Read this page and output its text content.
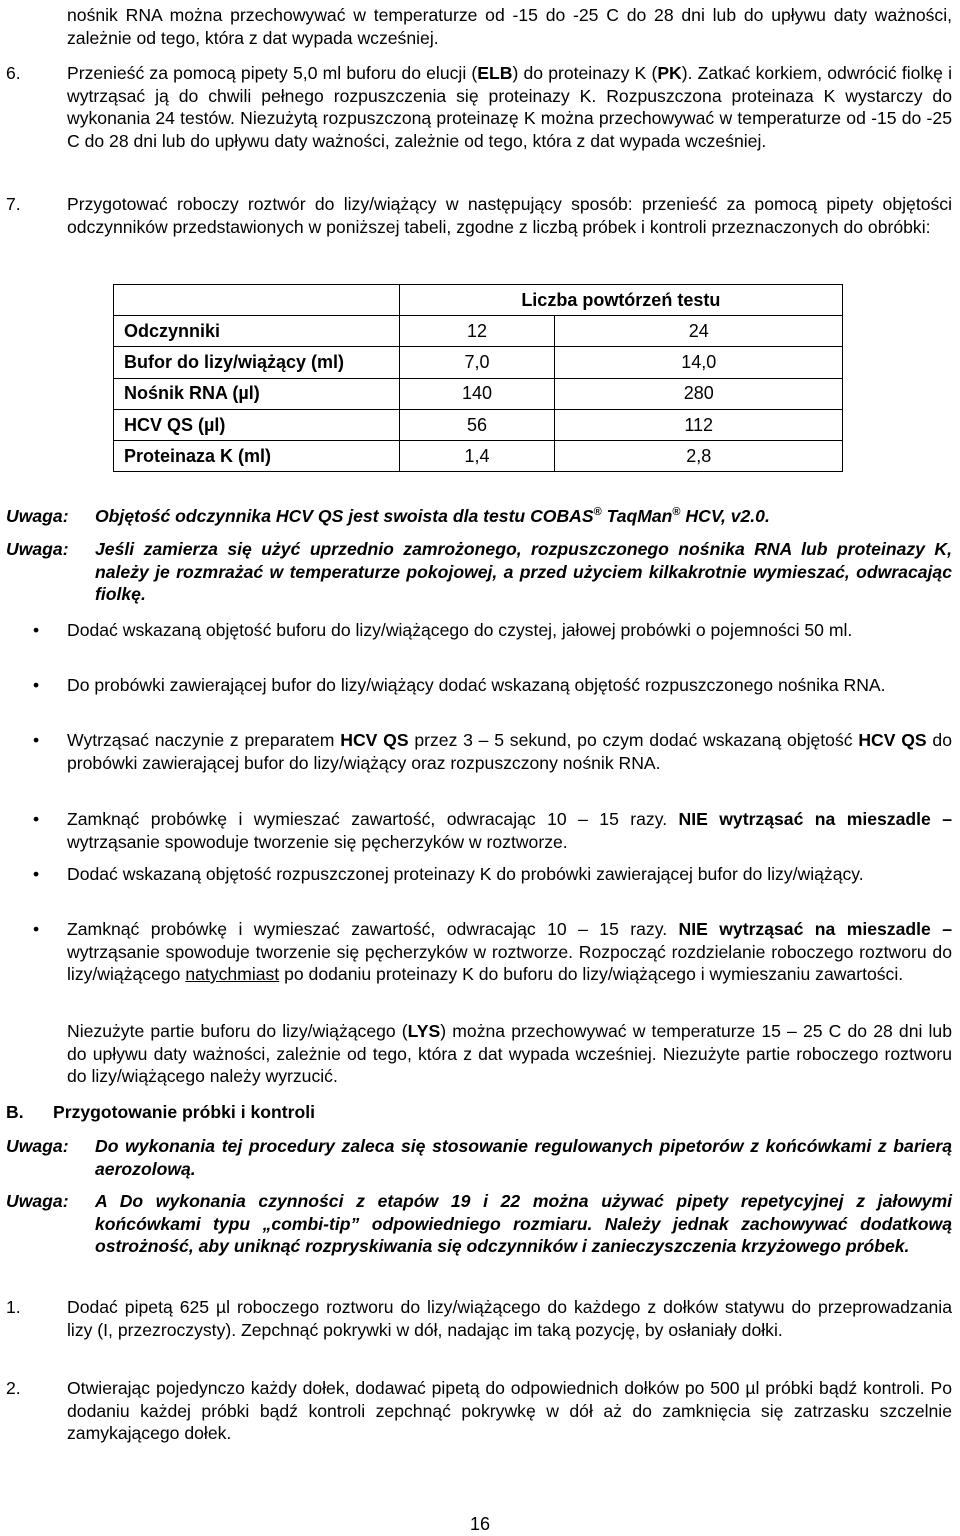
nośnik RNA można przechowywać w temperaturze od -15 do -25 C do 28 dni lub do upływu daty ważności, zależnie od tego, która z dat wypada wcześniej.
6.	Przenieść za pomocą pipety 5,0 ml buforu do elucji (ELB) do proteinazy K (PK). Zatkać korkiem, odwrócić fiolkę i wytrząsać ją do chwili pełnego rozpuszczenia się proteinazy K. Rozpuszczona proteinaza K wystarczy do wykonania 24 testów. Niezużytą rozpuszczoną proteinazę K można przechowywać w temperaturze od -15 do -25 C do 28 dni lub do upływu daty ważności, zależnie od tego, która z dat wypada wcześniej.
7.	Przygotować roboczy roztwór do lizy/wiążący w następujący sposób: przenieść za pomocą pipety objętości odczynników przedstawionych w poniższej tabeli, zgodne z liczbą próbek i kontroli przeznaczonych do obróbki:
	Liczba powtórzeń testu	
Odczynniki	12	24
Bufor do lizy/wiążący (ml)	7,0	14,0
Nośnik RNA (µl)	140	280
HCV QS (µl)	56	112
Proteinaza K (ml)	1,4	2,8
Uwaga: Objętość odczynnika HCV QS jest swoista dla testu COBAS® TaqMan® HCV, v2.0.
Uwaga: Jeśli zamierza się użyć uprzednio zamrożonego, rozpuszczonego nośnika RNA lub proteinazy K, należy je rozmrażać w temperaturze pokojowej, a przed użyciem kilkakrotnie wymieszać, odwracając fiolkę.
• Dodać wskazaną objętość buforu do lizy/wiążącego do czystej, jałowej probówki o pojemności 50 ml.
• Do probówki zawierającej bufor do lizy/wiążący dodać wskazaną objętość rozpuszczonego nośnika RNA.
• Wytrząsać naczynie z preparatem HCV QS przez 3 – 5 sekund, po czym dodać wskazaną objętość HCV QS do probówki zawierającej bufor do lizy/wiążący oraz rozpuszczony nośnik RNA.
• Zamknąć probówkę i wymieszać zawartość, odwracając 10 – 15 razy. NIE wytrząsać na mieszadle – wytrząsanie spowoduje tworzenie się pęcherzyków w roztworze.
• Dodać wskazaną objętość rozpuszczonej proteinazy K do probówki zawierającej bufor do lizy/wiążący.
• Zamknąć probówkę i wymieszać zawartość, odwracając 10 – 15 razy. NIE wytrząsać na mieszadle – wytrząsanie spowoduje tworzenie się pęcherzyków w roztworze. Rozpocząć rozdzielanie roboczego roztworu do lizy/wiążącego natychmiast po dodaniu proteinazy K do buforu do lizy/wiążącego i wymieszaniu zawartości.
Niezużyte partie buforu do lizy/wiążącego (LYS) można przechowywać w temperaturze 15 – 25 C do 28 dni lub do upływu daty ważności, zależnie od tego, która z dat wypada wcześniej. Niezużyte partie roboczego roztworu do lizy/wiążącego należy wyrzucić.
B. Przygotowanie próbki i kontroli
Uwaga: Do wykonania tej procedury zaleca się stosowanie regulowanych pipetorów z końcówkami z barierą aerozolową.
Uwaga: A Do wykonania czynności z etapów 19 i 22 można używać pipety repetycyjnej z jałowymi końcówkami typu „combi-tip” odpowiedniego rozmiaru. Należy jednak zachowywać dodatkową ostrożność, aby uniknąć rozpryskiwania się odczynników i zanieczyszczenia krzyżowego próbek.
1.	Dodać pipetą 625 µl roboczego roztworu do lizy/wiążącego do każdego z dołków statywu do przeprowadzania lizy (I, przezroczysty). Zepchnąć pokrywki w dół, nadając im taką pozycję, by osłaniały dołki.
2.	Otwierając pojedynczo każdy dołek, dodawać pipetą do odpowiednich dołków po 500 µl próbki bądź kontroli. Po dodaniu każdej próbki bądź kontroli zepchnąć pokrywkę w dół aż do zamknięcia się zatrzasku szczelnie zamykającego dołek.
16
